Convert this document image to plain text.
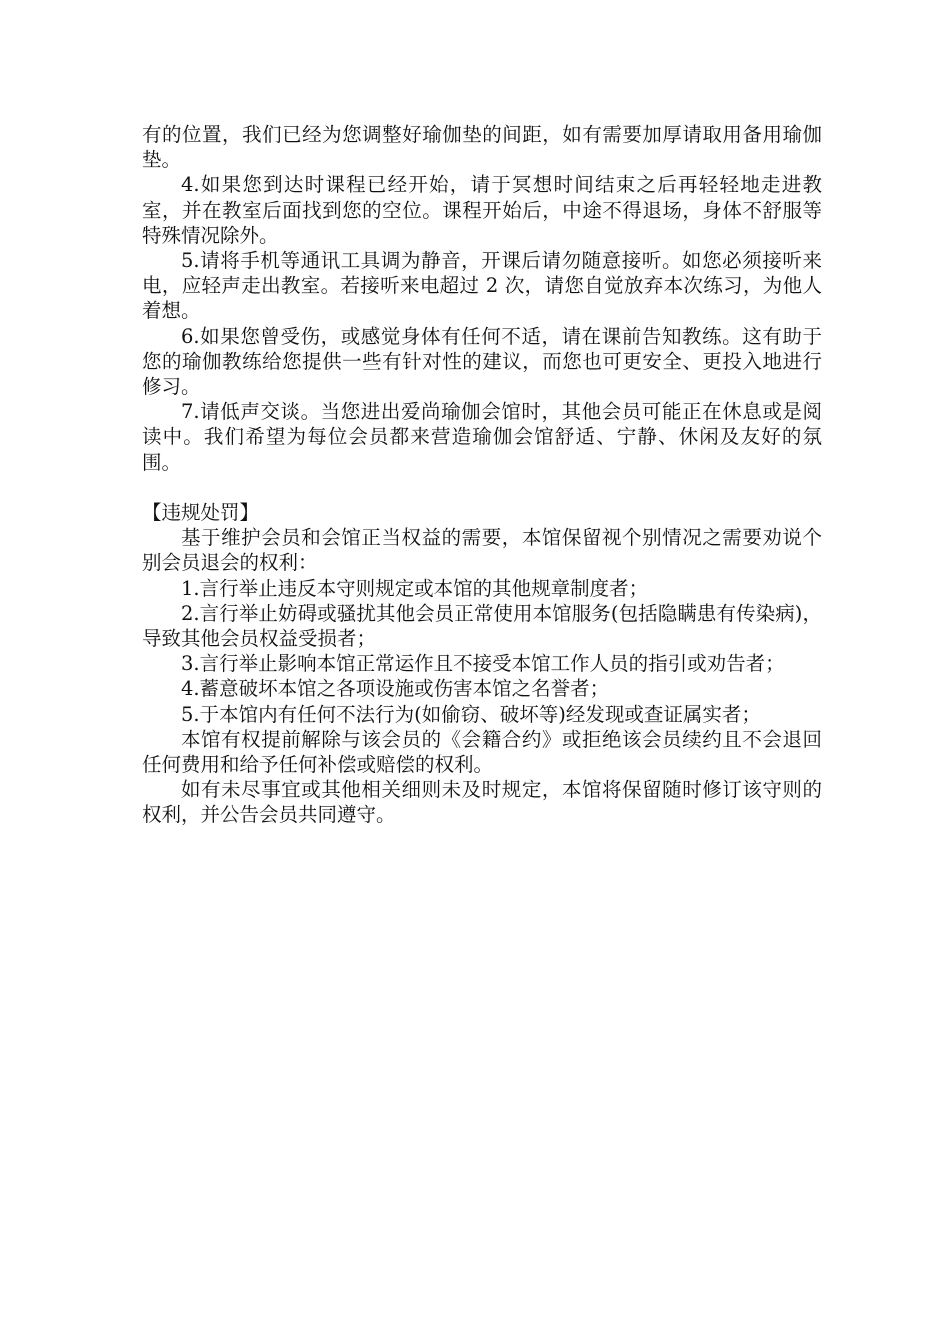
有的位置，我们已经为您调整好瑜伽垫的间距，如有需要加厚请取用备用瑜伽垫。

4.如果您到达时课程已经开始，请于冥想时间结束之后再轻轻地走进教室，并在教室后面找到您的空位。课程开始后，中途不得退场，身体不舒服等特殊情况除外。

5.请将手机等通讯工具调为静音，开课后请勿随意接听。如您必须接听来电，应轻声走出教室。若接听来电超过 2 次，请您自觉放弃本次练习，为他人着想。

6.如果您曾受伤，或感觉身体有任何不适，请在课前告知教练。这有助于您的瑜伽教练给您提供一些有针对性的建议，而您也可更安全、更投入地进行修习。

7.请低声交谈。当您进出爱尚瑜伽会馆时，其他会员可能正在休息或是阅读中。我们希望为每位会员都来营造瑜伽会馆舒适、宁静、休闲及友好的氛围。

【违规处罚】

基于维护会员和会馆正当权益的需要，本馆保留视个别情况之需要劝说个别会员退会的权利：

1.言行举止违反本守则规定或本馆的其他规章制度者；

2.言行举止妨碍或骚扰其他会员正常使用本馆服务(包括隐瞒患有传染病)，导致其他会员权益受损者；

3.言行举止影响本馆正常运作且不接受本馆工作人员的指引或劝告者；

4.蓄意破坏本馆之各项设施或伤害本馆之名誉者；

5.于本馆内有任何不法行为(如偷窃、破坏等)经发现或查证属实者；

本馆有权提前解除与该会员的《会籍合约》或拒绝该会员续约且不会退回任何费用和给予任何补偿或赔偿的权利。

如有未尽事宜或其他相关细则未及时规定，本馆将保留随时修订该守则的权利，并公告会员共同遵守。
